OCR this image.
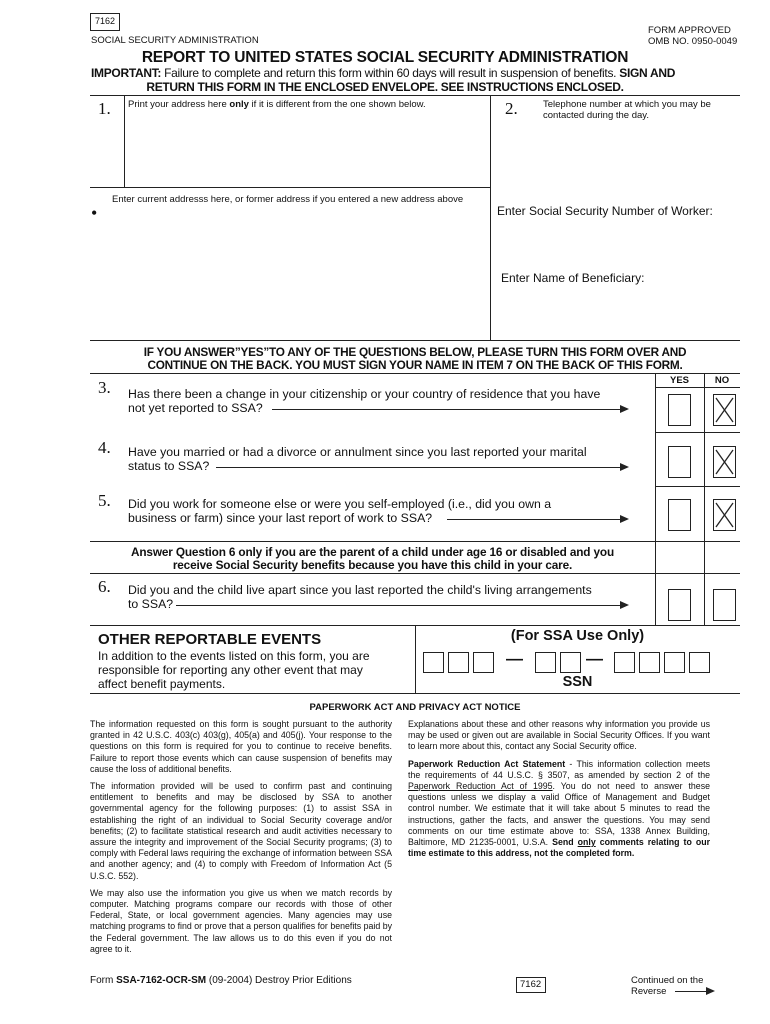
7162
SOCIAL SECURITY ADMINISTRATION
FORM APPROVED
OMB NO. 0950-0049
REPORT TO UNITED STATES SOCIAL SECURITY ADMINISTRATION
IMPORTANT: Failure to complete and return this form within 60 days will result in suspension of benefits. SIGN AND
RETURN THIS FORM IN THE ENCLOSED ENVELOPE. SEE INSTRUCTIONS ENCLOSED.
1. Print your address here only if it is different from the one shown below.
Enter current addresss here, or former address if you entered a new address above
•
2.	Telephone number at which you may be contacted during the day.
Enter Social Security Number of Worker:
Enter Name of Beneficiary:
IF YOU ANSWER”YES”TO ANY OF THE QUESTIONS BELOW, PLEASE TURN THIS FORM OVER AND
CONTINUE ON THE BACK. YOU MUST SIGN YOUR NAME IN ITEM 7 ON THE BACK OF THIS FORM.
YES	NO
3. Has there been a change in your citizenship or your country of residence that you have
not yet reported to SSA?
4. Have you married or had a divorce or annulment since you last reported your marital
status to SSA?
5. Did you work for someone else or were you self-employed (i.e., did you own a
business or farm) since your last report of work to SSA?
Answer Question 6 only if you are the parent of a child under age 16 or disabled and you
receive Social Security benefits because you have this child in your care.
6. Did you and the child live apart since you last reported the child's living arrangements
to SSA?
OTHER REPORTABLE EVENTS
In addition to the events listed on this form, you are
responsible for reporting any other event that may
affect benefit payments.
(For SSA Use Only)
—	—
SSN
PAPERWORK ACT AND PRIVACY ACT NOTICE

The information requested on this form is sought pursuant to the authority granted in 42 U.S.C. 403(c) 403(g), 405(a) and 405(j). Your response to the questions on this form is required for you to continue to receive benefits. Failure to report those events which can cause suspension of benefits may cause the loss of additional benefits.

The information provided will be used to confirm past and continuing entitlement to benefits and may be disclosed by SSA to another governmental agency for the following purposes: (1) to assist SSA in establishing the right of an individual to Social Security coverage and/or benefits; (2) to facilitate statistical research and audit activities necessary to assure the integrity and improvement of the Social Security programs; (3) to comply with Federal laws requiring the exchange of information between SSA and another agency; and (4) to comply with Freedom of Information Act (5 U.S.C. 552).

We may also use the information you give us when we match records by computer. Matching programs compare our records with those of other Federal, State, or local government agencies. Many agencies may use matching programs to find or prove that a person qualifies for benefits paid by the Federal government. The law allows us to do this even if you do not agree to it.

Explanations about these and other reasons why information you provide us may be used or given out are available in Social Security Offices. If you want to learn more about this, contact any Social Security office.

Paperwork Reduction Act Statement - This information collection meets the requirements of 44 U.S.C. § 3507, as amended by section 2 of the Paperwork Reduction Act of 1995. You do not need to answer these questions unless we display a valid Office of Management and Budget control number. We estimate that it will take about 5 minutes to read the instructions, gather the facts, and answer the questions. You may send comments on our time estimate above to: SSA, 1338 Annex Building, Baltimore, MD 21235-0001, U.S.A. Send only comments relating to our time estimate to this address, not the completed form.

Form SSA-7162-OCR-SM (09-2004) Destroy Prior Editions	7162	Continued on the
Reverse
